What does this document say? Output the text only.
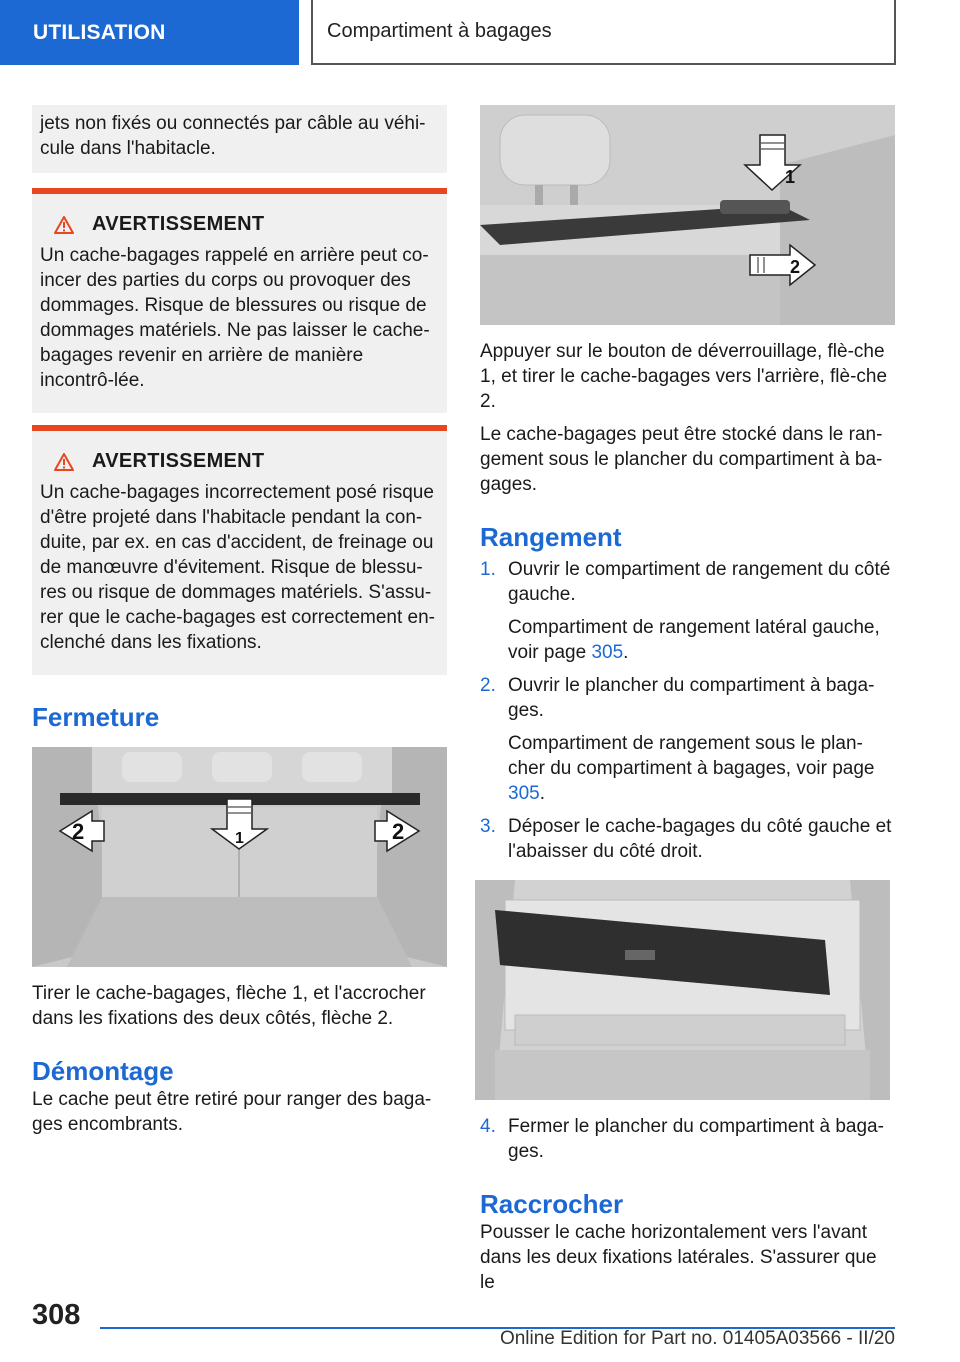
UTILISATION	Compartiment à bagages

jets non fixés ou connectés par câble au véhi-cule dans l'habitacle.

AVERTISSEMENT

Un cache-bagages rappelé en arrière peut co-incer des parties du corps ou provoquer des dommages. Risque de blessures ou risque de dommages matériels. Ne pas laisser le cache-bagages revenir en arrière de manière incontrô-lée.

AVERTISSEMENT

Un cache-bagages incorrectement posé risque d'être projeté dans l'habitacle pendant la con-duite, par ex. en cas d'accident, de freinage ou de manœuvre d'évitement. Risque de blessu-res ou risque de dommages matériels. S'assu-rer que le cache-bagages est correctement en-clenché dans les fixations.

Fermeture
1
2	2

Tirer le cache-bagages, flèche 1, et l'accrocher dans les fixations des deux côtés, flèche 2.

Démontage

Le cache peut être retiré pour ranger des baga-ges encombrants.

1
2

Appuyer sur le bouton de déverrouillage, flè-che 1, et tirer le cache-bagages vers l'arrière, flè-che 2.

Le cache-bagages peut être stocké dans le ran-gement sous le plancher du compartiment à ba-gages.

Rangement
1. Ouvrir le compartiment de rangement du côté gauche.

Compartiment de rangement latéral gauche, voir page 305.

2. Ouvrir le plancher du compartiment à baga-ges.

Compartiment de rangement sous le plan-cher du compartiment à bagages, voir page 305.

3. Déposer le cache-bagages du côté gauche et l'abaisser du côté droit.

4. Fermer le plancher du compartiment à baga-ges.

Raccrocher

Pousser le cache horizontalement vers l'avant dans les deux fixations latérales. S'assurer que le

308
Online Edition for Part no. 01405A03566 - II/20
